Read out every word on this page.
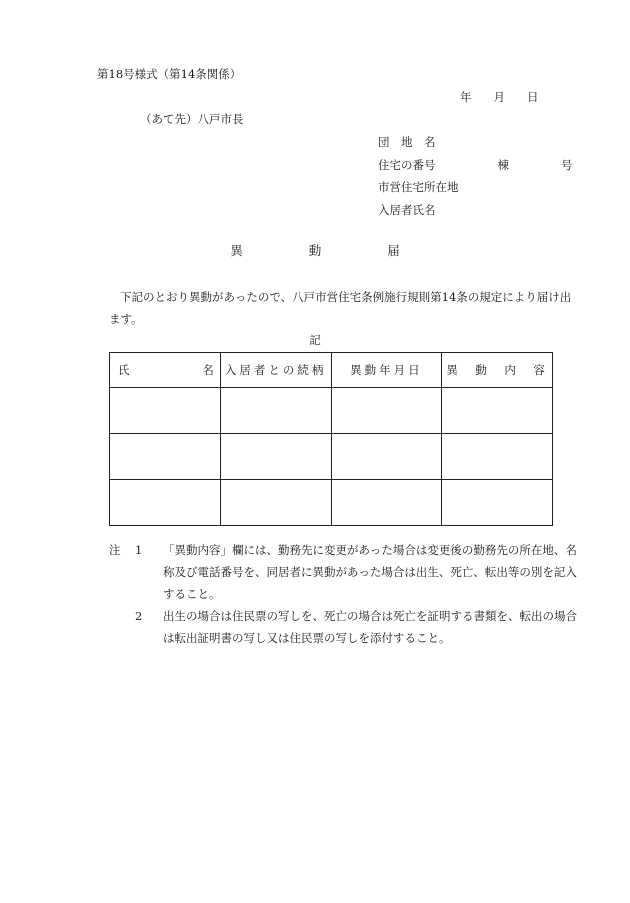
第18号様式（第14条関係）
年 月 日
（あて先）八戸市長
団　地　名
住宅の番号	棟	号
市営住宅所在地
入居者氏名
異	動	届
下記のとおり異動があったので、八戸市営住宅条例施行規則第14条の規定により届け出ます。
記
氏 名	入居者との続柄	異動年月日	異　動　内　容

注 1 「異動内容」欄には、勤務先に変更があった場合は変更後の勤務先の所在地、名称及び電話番号を、同居者に異動があった場合は出生、死亡、転出等の別を記入すること。
2 出生の場合は住民票の写しを、死亡の場合は死亡を証明する書類を、転出の場合は転出証明書の写し又は住民票の写しを添付すること。
